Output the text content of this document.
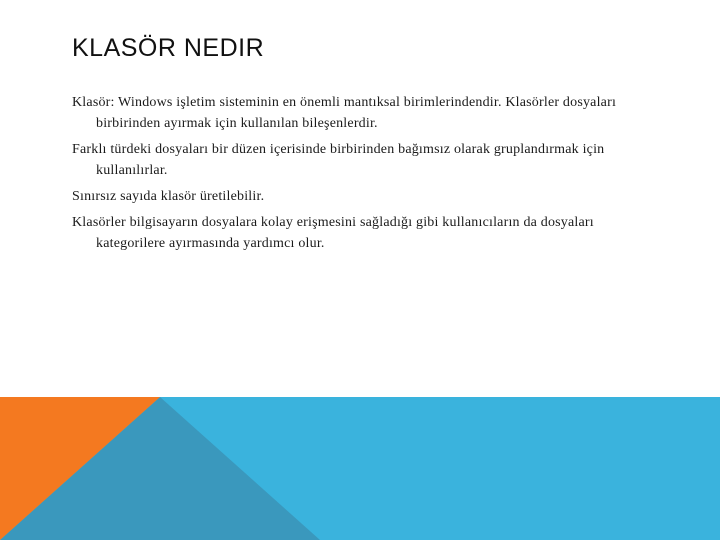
KLASÖR NEDIR

Klasör: Windows işletim sisteminin en önemli mantıksal birimlerindendir. Klasörler dosyaları birbirinden ayırmak için kullanılan bileşenlerdir.

Farklı türdeki dosyaları bir düzen içerisinde birbirinden bağımsız olarak gruplandırmak için kullanılırlar.

Sınırsız sayıda klasör üretilebilir.

Klasörler bilgisayarın dosyalara kolay erişmesini sağladığı gibi kullanıcıların da dosyaları kategorilere ayırmasında yardımcı olur.
